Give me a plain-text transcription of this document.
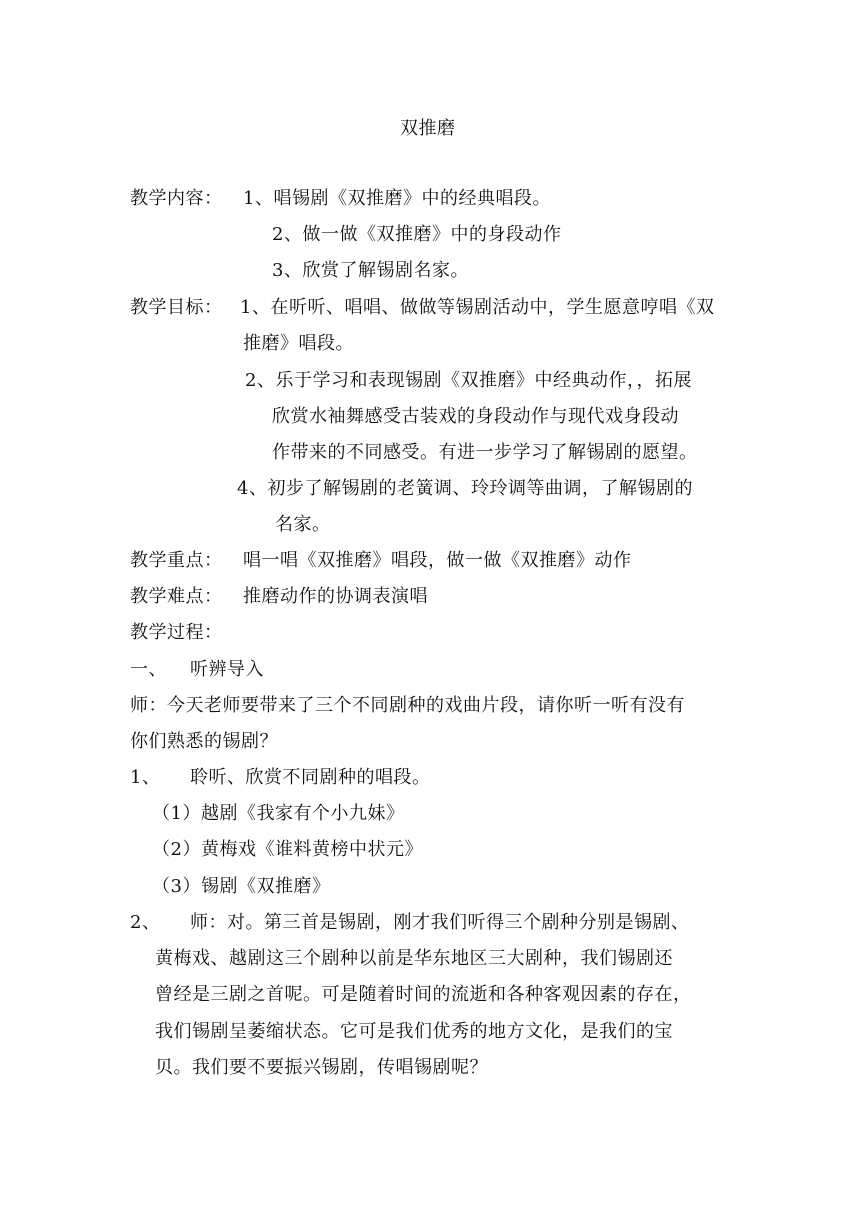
双推磨
教学内容： 1、唱锡剧《双推磨》中的经典唱段。
2、做一做《双推磨》中的身段动作
3、欣赏了解锡剧名家。
教学目标： 1、在听听、唱唱、做做等锡剧活动中，学生愿意哼唱《双
推磨》唱段。
2、乐于学习和表现锡剧《双推磨》中经典动作，，拓展
欣赏水袖舞感受古装戏的身段动作与现代戏身段动
作带来的不同感受。有进一步学习了解锡剧的愿望。
4、初步了解锡剧的老簧调、玲玲调等曲调，了解锡剧的
名家。
教学重点： 唱一唱《双推磨》唱段，做一做《双推磨》动作
教学难点： 推磨动作的协调表演唱
教学过程：
一、 听辨导入
师：今天老师要带来了三个不同剧种的戏曲片段，请你听一听有没有
你们熟悉的锡剧？
1、 聆听、欣赏不同剧种的唱段。
（1）越剧《我家有个小九妹》
（2）黄梅戏《谁料黄榜中状元》
（3）锡剧《双推磨》
2、 师：对。第三首是锡剧，刚才我们听得三个剧种分别是锡剧、
黄梅戏、越剧这三个剧种以前是华东地区三大剧种，我们锡剧还
曾经是三剧之首呢。可是随着时间的流逝和各种客观因素的存在，
我们锡剧呈萎缩状态。它可是我们优秀的地方文化，是我们的宝
贝。我们要不要振兴锡剧，传唱锡剧呢？
